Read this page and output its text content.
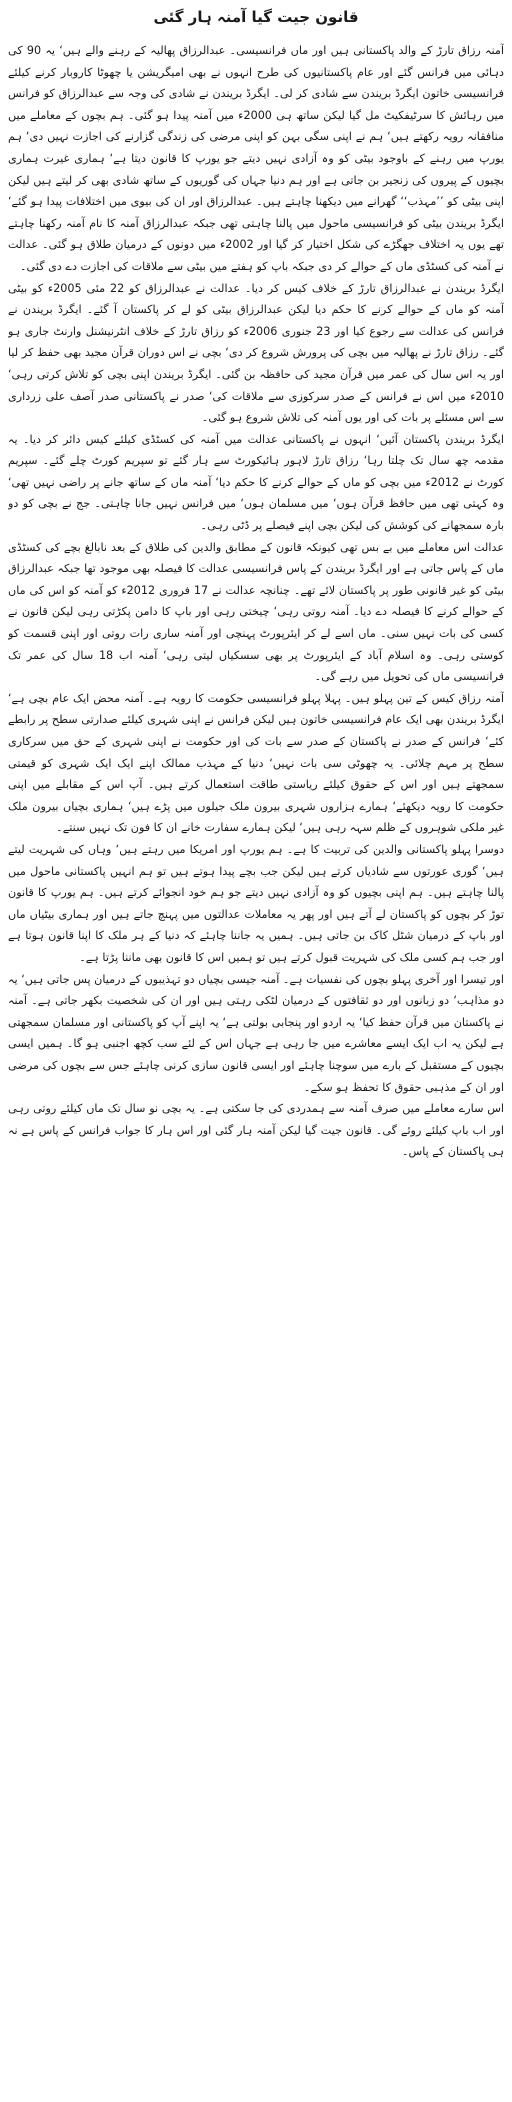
قانون جیت گیا آمنہ ہار گئی

آمنہ رزاق تارڑ کے والد پاکستانی ہیں اور ماں فرانسیسی۔ عبدالرزاق پھالیہ کے رہنے والے ہیں‘ یہ 90 کی دہائی میں فرانس گئے اور عام پاکستانیوں کی طرح انہوں نے بھی امیگریشن یا چھوٹا کاروبار کرنے کیلئے فرانسیسی خاتون ایگرڈ بریندن سے شادی کر لی۔ ایگرڈ بریندن نے شادی کی وجہ سے عبدالرزاق کو فرانس میں رہائش کا سرٹیفکیٹ مل گیا لیکن ساتھ ہی 2000ء میں آمنہ پیدا ہو گئی۔ ہم بچوں کے معاملے میں منافقانہ رویہ رکھتے ہیں‘ ہم نے اپنی سگی بہن کو اپنی مرضی کی زندگی گزارنے کی اجازت نہیں دی‘ ہم یورپ میں رہنے کے باوجود بیٹی کو وہ آزادی نہیں دیتے جو یورپ کا قانون دیتا ہے‘ ہماری غیرت ہماری بچیوں کے پیروں کی زنجیر بن جاتی ہے اور ہم دنیا جہاں کی گوریوں کے ساتھ شادی بھی کر لیتے ہیں لیکن اپنی بیٹی کو ’’مہذب‘‘ گھرانے میں دیکھنا چاہتے ہیں۔ عبدالرزاق اور ان کی بیوی میں اختلافات پیدا ہو گئے‘ ایگرڈ بریندن بیٹی کو فرانسیسی ماحول میں پالنا چاہتی تھی جبکہ عبدالرزاق آمنہ کا نام آمنہ رکھنا چاہتے تھے یوں یہ اختلاف جھگڑے کی شکل اختیار کر گیا اور 2002ء میں دونوں کے درمیان طلاق ہو گئی۔ عدالت نے آمنہ کی کسٹڈی ماں کے حوالے کر دی جبکہ باپ کو ہفتے میں بیٹی سے ملاقات کی اجازت دے دی گئی۔

ایگرڈ بریندن نے عبدالرزاق تارڑ کے خلاف کیس کر دیا۔ عدالت نے عبدالرزاق کو 22 مئی 2005ء کو بیٹی آمنہ کو ماں کے حوالے کرنے کا حکم دیا لیکن عبدالرزاق بیٹی کو لے کر پاکستان آ گئے۔ ایگرڈ بریندن نے فرانس کی عدالت سے رجوع کیا اور 23 جنوری 2006ء کو رزاق تارڑ کے خلاف انٹرنیشنل وارنٹ جاری ہو گئے۔ رزاق تارڑ نے پھالیہ میں بچی کی پرورش شروع کر دی‘ بچی نے اس دوران قرآن مجید بھی حفظ کر لیا اور یہ اس سال کی عمر میں قرآن مجید کی حافظہ بن گئی۔ ایگرڈ بریندن اپنی بچی کو تلاش کرتی رہی‘ 2010ء میں اس نے فرانس کے صدر سرکوزی سے ملاقات کی‘ صدر نے پاکستانی صدر آصف علی زرداری سے اس مسئلے پر بات کی اور یوں آمنہ کی تلاش شروع ہو گئی۔

ایگرڈ بریندن پاکستان آئیں‘ انہوں نے پاکستانی عدالت میں آمنہ کی کسٹڈی کیلئے کیس دائر کر دیا۔ یہ مقدمہ چھ سال تک چلتا رہا‘ رزاق تارڑ لاہور ہائیکورٹ سے ہار گئے تو سپریم کورٹ چلے گئے۔ سپریم کورٹ نے 2012ء میں بچی کو ماں کے حوالے کرنے کا حکم دیا‘ آمنہ ماں کے ساتھ جانے پر راضی نہیں تھی‘ وہ کہتی تھی میں حافظ قرآن ہوں‘ میں مسلمان ہوں‘ میں فرانس نہیں جانا چاہتی۔ جج نے بچی کو دو بارہ سمجھانے کی کوشش کی لیکن بچی اپنے فیصلے پر ڈٹی رہی۔

عدالت اس معاملے میں بے بس تھی کیونکہ قانون کے مطابق والدین کی طلاق کے بعد نابالغ بچے کی کسٹڈی ماں کے پاس جاتی ہے اور ایگرڈ بریندن کے پاس فرانسیسی عدالت کا فیصلہ بھی موجود تھا جبکہ عبدالرزاق بیٹی کو غیر قانونی طور پر پاکستان لائے تھے۔ چنانچہ عدالت نے 17 فروری 2012ء کو آمنہ کو اس کی ماں کے حوالے کرنے کا فیصلہ دے دیا۔ آمنہ روتی رہی‘ چیختی رہی اور باپ کا دامن پکڑتی رہی لیکن قانون نے کسی کی بات نہیں سنی۔ ماں اسے لے کر ایئرپورٹ پہنچی اور آمنہ ساری رات روتی اور اپنی قسمت کو کوستی رہی۔ وہ اسلام آباد کے ایئرپورٹ پر بھی سسکیاں لیتی رہی‘ آمنہ اب 18 سال کی عمر تک فرانسیسی ماں کی تحویل میں رہے گی۔

آمنہ رزاق کیس کے تین پہلو ہیں۔ پہلا پہلو فرانسیسی حکومت کا رویہ ہے۔ آمنہ محض ایک عام بچی ہے‘ ایگرڈ بریندن بھی ایک عام فرانسیسی خاتون ہیں لیکن فرانس نے اپنی شہری کیلئے صدارتی سطح پر رابطے کئے‘ فرانس کے صدر نے پاکستان کے صدر سے بات کی اور حکومت نے اپنی شہری کے حق میں سرکاری سطح پر مہم چلائی۔ یہ چھوٹی سی بات نہیں‘ دنیا کے مہذب ممالک اپنے ایک ایک شہری کو قیمتی سمجھتے ہیں اور اس کے حقوق کیلئے ریاستی طاقت استعمال کرتے ہیں۔ آپ اس کے مقابلے میں اپنی حکومت کا رویہ دیکھئے‘ ہمارے ہزاروں شہری بیرون ملک جیلوں میں پڑے ہیں‘ ہماری بچیاں بیرون ملک غیر ملکی شوہروں کے ظلم سہہ رہی ہیں‘ لیکن ہمارے سفارت خانے ان کا فون تک نہیں سنتے۔

دوسرا پہلو پاکستانی والدین کی تربیت کا ہے۔ ہم یورپ اور امریکا میں رہتے ہیں‘ وہاں کی شہریت لیتے ہیں‘ گوری عورتوں سے شادیاں کرتے ہیں لیکن جب بچے پیدا ہوتے ہیں تو ہم انہیں پاکستانی ماحول میں پالنا چاہتے ہیں۔ ہم اپنی بچیوں کو وہ آزادی نہیں دیتے جو ہم خود انجوائے کرتے ہیں۔ ہم یورپ کا قانون توڑ کر بچوں کو پاکستان لے آتے ہیں اور پھر یہ معاملات عدالتوں میں پہنچ جاتے ہیں اور ہماری بیٹیاں ماں اور باپ کے درمیان شٹل کاک بن جاتی ہیں۔ ہمیں یہ جاننا چاہئے کہ دنیا کے ہر ملک کا اپنا قانون ہوتا ہے اور جب ہم کسی ملک کی شہریت قبول کرتے ہیں تو ہمیں اس کا قانون بھی ماننا پڑتا ہے۔

اور تیسرا اور آخری پہلو بچوں کی نفسیات ہے۔ آمنہ جیسی بچیاں دو تہذیبوں کے درمیان پس جاتی ہیں‘ یہ دو مذاہب‘ دو زبانوں اور دو ثقافتوں کے درمیان لٹکی رہتی ہیں اور ان کی شخصیت بکھر جاتی ہے۔ آمنہ نے پاکستان میں قرآن حفظ کیا‘ یہ اردو اور پنجابی بولتی ہے‘ یہ اپنے آپ کو پاکستانی اور مسلمان سمجھتی ہے لیکن یہ اب ایک ایسے معاشرے میں جا رہی ہے جہاں اس کے لئے سب کچھ اجنبی ہو گا۔ ہمیں ایسی بچیوں کے مستقبل کے بارے میں سوچنا چاہئے اور ایسی قانون سازی کرنی چاہئے جس سے بچوں کی مرضی اور ان کے مذہبی حقوق کا تحفظ ہو سکے۔

اس سارے معاملے میں صرف آمنہ سے ہمدردی کی جا سکتی ہے۔ یہ بچی نو سال تک ماں کیلئے روتی رہی اور اب باپ کیلئے روئے گی۔ قانون جیت گیا لیکن آمنہ ہار گئی اور اس ہار کا جواب فرانس کے پاس ہے نہ ہی پاکستان کے پاس۔
